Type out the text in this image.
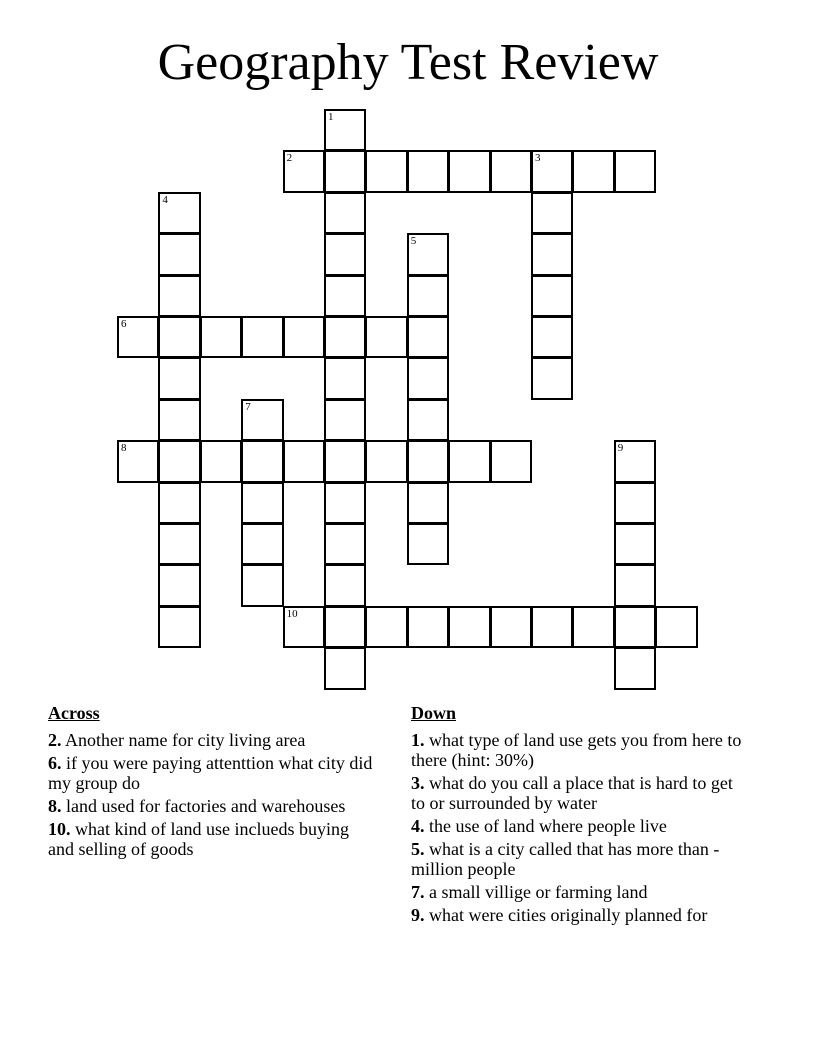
Geography Test Review
1
2	3
4
5
6
7
8	9
10
Across
2. Another name for city living area
6. if you were paying attenttion what city did my group do
8. land used for factories and warehouses
10. what kind of land use inclueds buying and selling of goods
Down
1. what type of land use gets you from here to there (hint: 30%)
3. what do you call a place that is hard to get to or surrounded by water
4. the use of land where people live
5. what is a city called that has more than -million people
7. a small villige or farming land
9. what were cities originally planned for
